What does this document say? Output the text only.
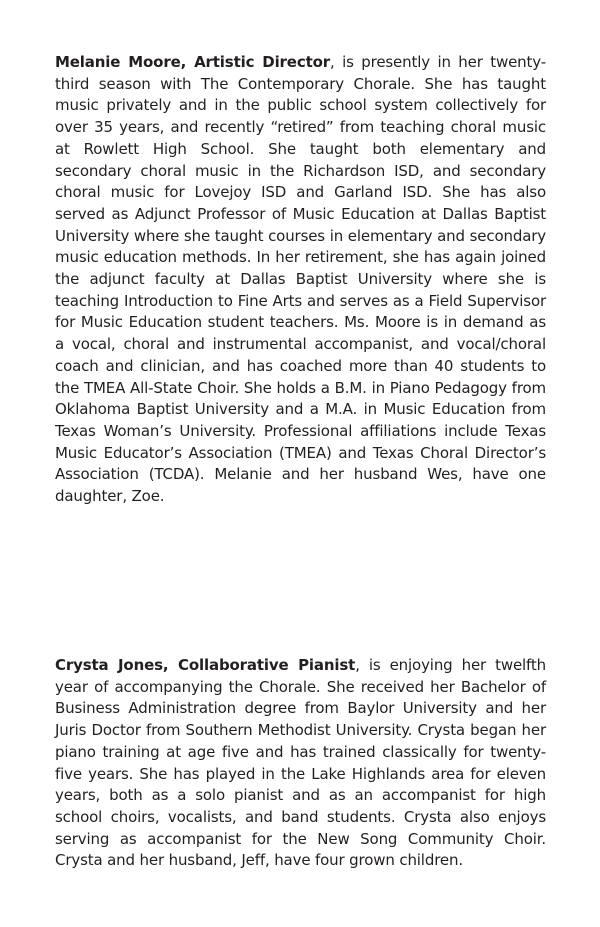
Melanie Moore, Artistic Director, is presently in her twenty-third season with The Contemporary Chorale. She has taught music privately and in the public school system collectively for over 35 years, and recently “retired” from teaching choral music at Rowlett High School. She taught both elementary and secondary choral music in the Richardson ISD, and secondary choral music for Lovejoy ISD and Garland ISD. She has also served as Adjunct Professor of Music Education at Dallas Baptist University where she taught courses in elementary and secondary music education methods. In her retirement, she has again joined the adjunct faculty at Dallas Baptist University where she is teaching Introduction to Fine Arts and serves as a Field Supervisor for Music Education student teachers. Ms. Moore is in demand as a vocal, choral and instrumental accompanist, and vocal/choral coach and clinician, and has coached more than 40 students to the TMEA All-State Choir. She holds a B.M. in Piano Pedagogy from Oklahoma Baptist University and a M.A. in Music Education from Texas Woman’s University. Professional affiliations include Texas Music Educator’s Association (TMEA) and Texas Choral Director’s Association (TCDA). Melanie and her husband Wes, have one daughter, Zoe.

Crysta Jones, Collaborative Pianist, is enjoying her twelfth year of accompanying the Chorale. She received her Bachelor of Business Administration degree from Baylor University and her Juris Doctor from Southern Methodist University. Crysta began her piano training at age five and has trained classically for twenty-five years. She has played in the Lake Highlands area for eleven years, both as a solo pianist and as an accompanist for high school choirs, vocalists, and band students. Crysta also enjoys serving as accompanist for the New Song Community Choir. Crysta and her husband, Jeff, have four grown children.
